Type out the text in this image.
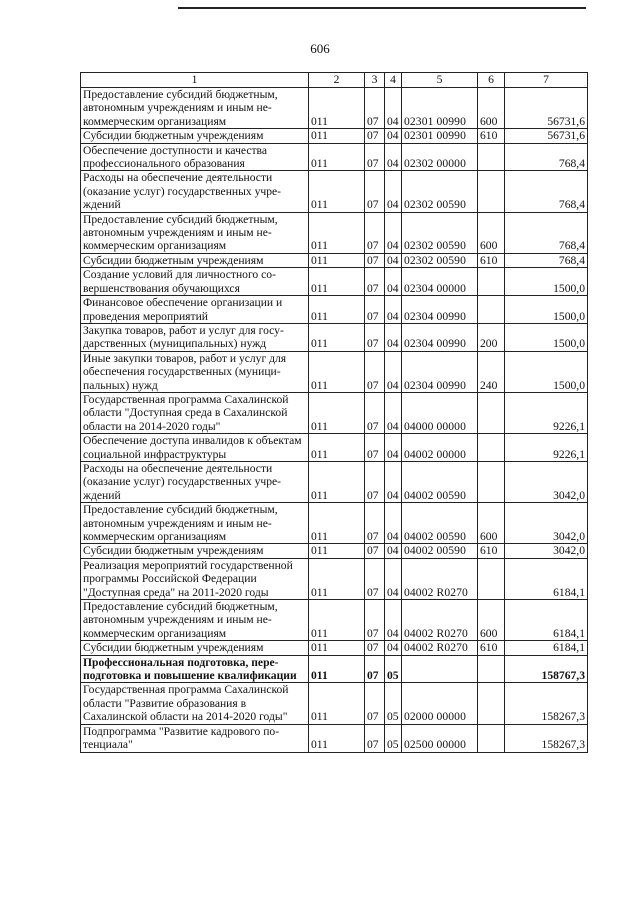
606
1	2	3	4	5	6	7
Предоставление субсидий бюджетным, автономным учреждениям и иным некоммерческим организациям	011	07	04	02301 00990	600	56731,6
Субсидии бюджетным учреждениям	011	07	04	02301 00990	610	56731,6
Обеспечение доступности и качества профессионального образования	011	07	04	02302 00000		768,4
Расходы на обеспечение деятельности (оказание услуг) государственных учреждений	011	07	04	02302 00590		768,4
Предоставление субсидий бюджетным, автономным учреждениям и иным некоммерческим организациям	011	07	04	02302 00590	600	768,4
Субсидии бюджетным учреждениям	011	07	04	02302 00590	610	768,4
Создание условий для личностного совершенствования обучающихся	011	07	04	02304 00000		1500,0
Финансовое обеспечение организации и проведения мероприятий	011	07	04	02304 00990		1500,0
Закупка товаров, работ и услуг для государственных (муниципальных) нужд	011	07	04	02304 00990	200	1500,0
Иные закупки товаров, работ и услуг для обеспечения государственных (муниципальных) нужд	011	07	04	02304 00990	240	1500,0
Государственная программа Сахалинской области "Доступная среда в Сахалинской области на 2014-2020 годы"	011	07	04	04000 00000		9226,1
Обеспечение доступа инвалидов к объектам социальной инфраструктуры	011	07	04	04002 00000		9226,1
Расходы на обеспечение деятельности (оказание услуг) государственных учреждений	011	07	04	04002 00590		3042,0
Предоставление субсидий бюджетным, автономным учреждениям и иным некоммерческим организациям	011	07	04	04002 00590	600	3042,0
Субсидии бюджетным учреждениям	011	07	04	04002 00590	610	3042,0
Реализация мероприятий государственной программы Российской Федерации "Доступная среда" на 2011-2020 годы	011	07	04	04002 R0270		6184,1
Предоставление субсидий бюджетным, автономным учреждениям и иным некоммерческим организациям	011	07	04	04002 R0270	600	6184,1
Субсидии бюджетным учреждениям	011	07	04	04002 R0270	610	6184,1
Профессиональная подготовка, переподготовка и повышение квалификации	011	07	05			158767,3
Государственная программа Сахалинской области "Развитие образования в Сахалинской области на 2014-2020 годы"	011	07	05	02000 00000		158267,3
Подпрограмма "Развитие кадрового потенциала"	011	07	05	02500 00000		158267,3
